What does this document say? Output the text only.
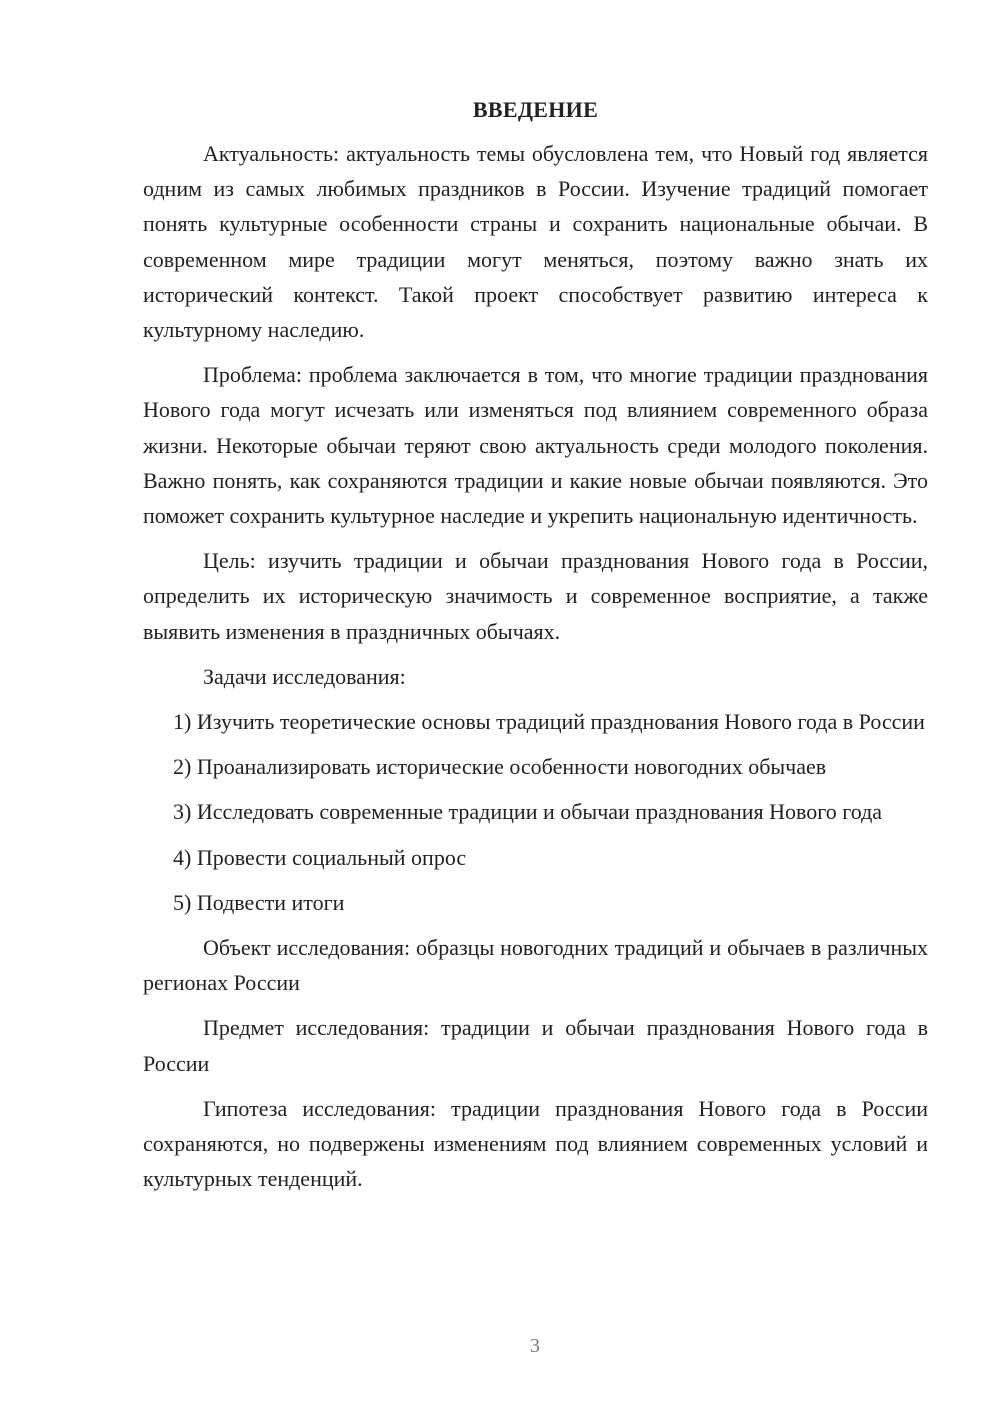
ВВЕДЕНИЕ

Актуальность: актуальность темы обусловлена тем, что Новый год является одним из самых любимых праздников в России. Изучение традиций помогает понять культурные особенности страны и сохранить национальные обычаи. В современном мире традиции могут меняться, поэтому важно знать их исторический контекст. Такой проект способствует развитию интереса к культурному наследию.

Проблема: проблема заключается в том, что многие традиции празднования Нового года могут исчезать или изменяться под влиянием современного образа жизни. Некоторые обычаи теряют свою актуальность среди молодого поколения. Важно понять, как сохраняются традиции и какие новые обычаи появляются. Это поможет сохранить культурное наследие и укрепить национальную идентичность.

Цель: изучить традиции и обычаи празднования Нового года в России, определить их историческую значимость и современное восприятие, а также выявить изменения в праздничных обычаях.

Задачи исследования:

1) Изучить теоретические основы традиций празднования Нового года в России

2) Проанализировать исторические особенности новогодних обычаев

3) Исследовать современные традиции и обычаи празднования Нового года

4) Провести социальный опрос

5) Подвести итоги

Объект исследования: образцы новогодних традиций и обычаев в различных регионах России

Предмет исследования: традиции и обычаи празднования Нового года в России

Гипотеза исследования: традиции празднования Нового года в России сохраняются, но подвержены изменениям под влиянием современных условий и культурных тенденций.

3
